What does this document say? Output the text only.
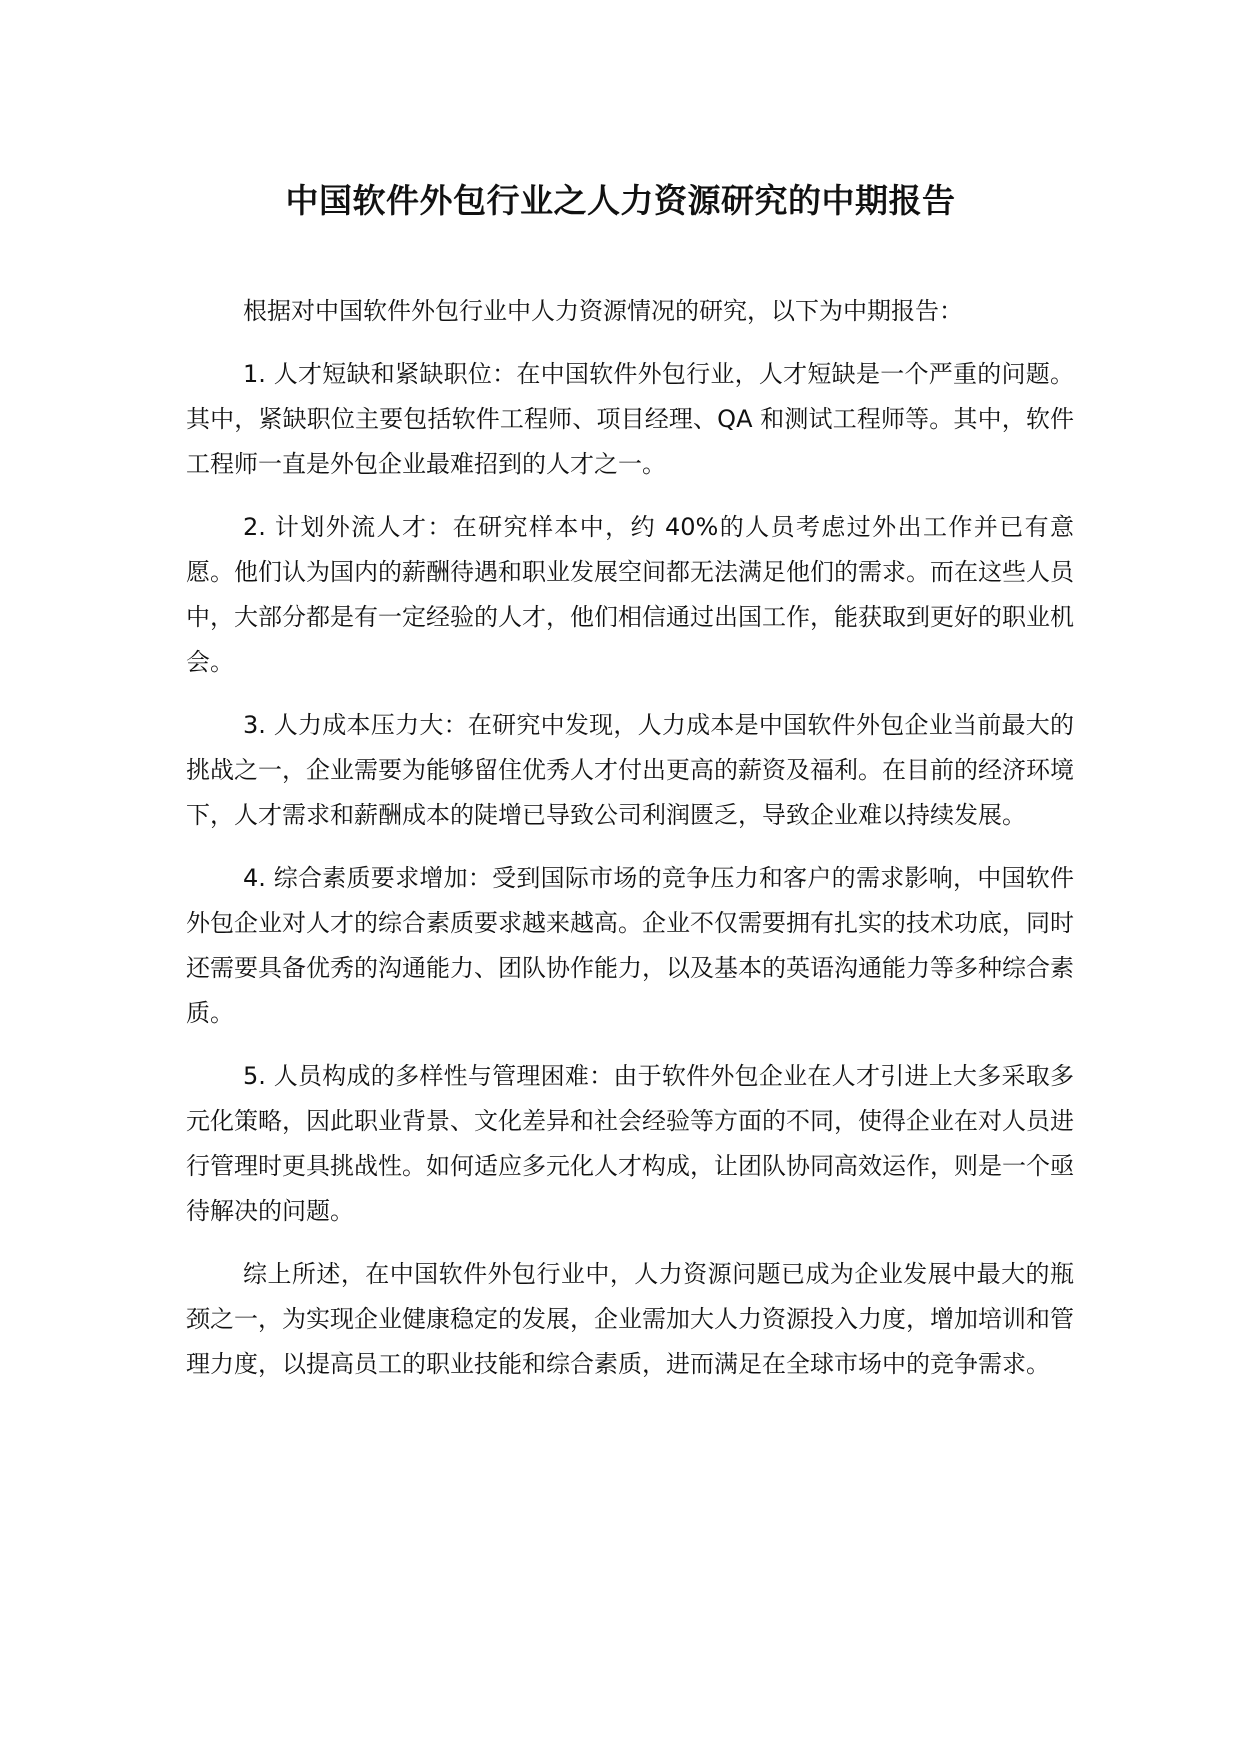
中国软件外包行业之人力资源研究的中期报告

根据对中国软件外包行业中人力资源情况的研究，以下为中期报告：

1. 人才短缺和紧缺职位：在中国软件外包行业，人才短缺是一个严重的问题。其中，紧缺职位主要包括软件工程师、项目经理、QA 和测试工程师等。其中，软件工程师一直是外包企业最难招到的人才之一。

2. 计划外流人才：在研究样本中，约 40%的人员考虑过外出工作并已有意愿。他们认为国内的薪酬待遇和职业发展空间都无法满足他们的需求。而在这些人员中，大部分都是有一定经验的人才，他们相信通过出国工作，能获取到更好的职业机会。

3. 人力成本压力大：在研究中发现，人力成本是中国软件外包企业当前最大的挑战之一，企业需要为能够留住优秀人才付出更高的薪资及福利。在目前的经济环境下，人才需求和薪酬成本的陡增已导致公司利润匮乏，导致企业难以持续发展。

4. 综合素质要求增加：受到国际市场的竞争压力和客户的需求影响，中国软件外包企业对人才的综合素质要求越来越高。企业不仅需要拥有扎实的技术功底，同时还需要具备优秀的沟通能力、团队协作能力，以及基本的英语沟通能力等多种综合素质。

5. 人员构成的多样性与管理困难：由于软件外包企业在人才引进上大多采取多元化策略，因此职业背景、文化差异和社会经验等方面的不同，使得企业在对人员进行管理时更具挑战性。如何适应多元化人才构成，让团队协同高效运作，则是一个亟待解决的问题。

综上所述，在中国软件外包行业中，人力资源问题已成为企业发展中最大的瓶颈之一，为实现企业健康稳定的发展，企业需加大人力资源投入力度，增加培训和管理力度，以提高员工的职业技能和综合素质，进而满足在全球市场中的竞争需求。
